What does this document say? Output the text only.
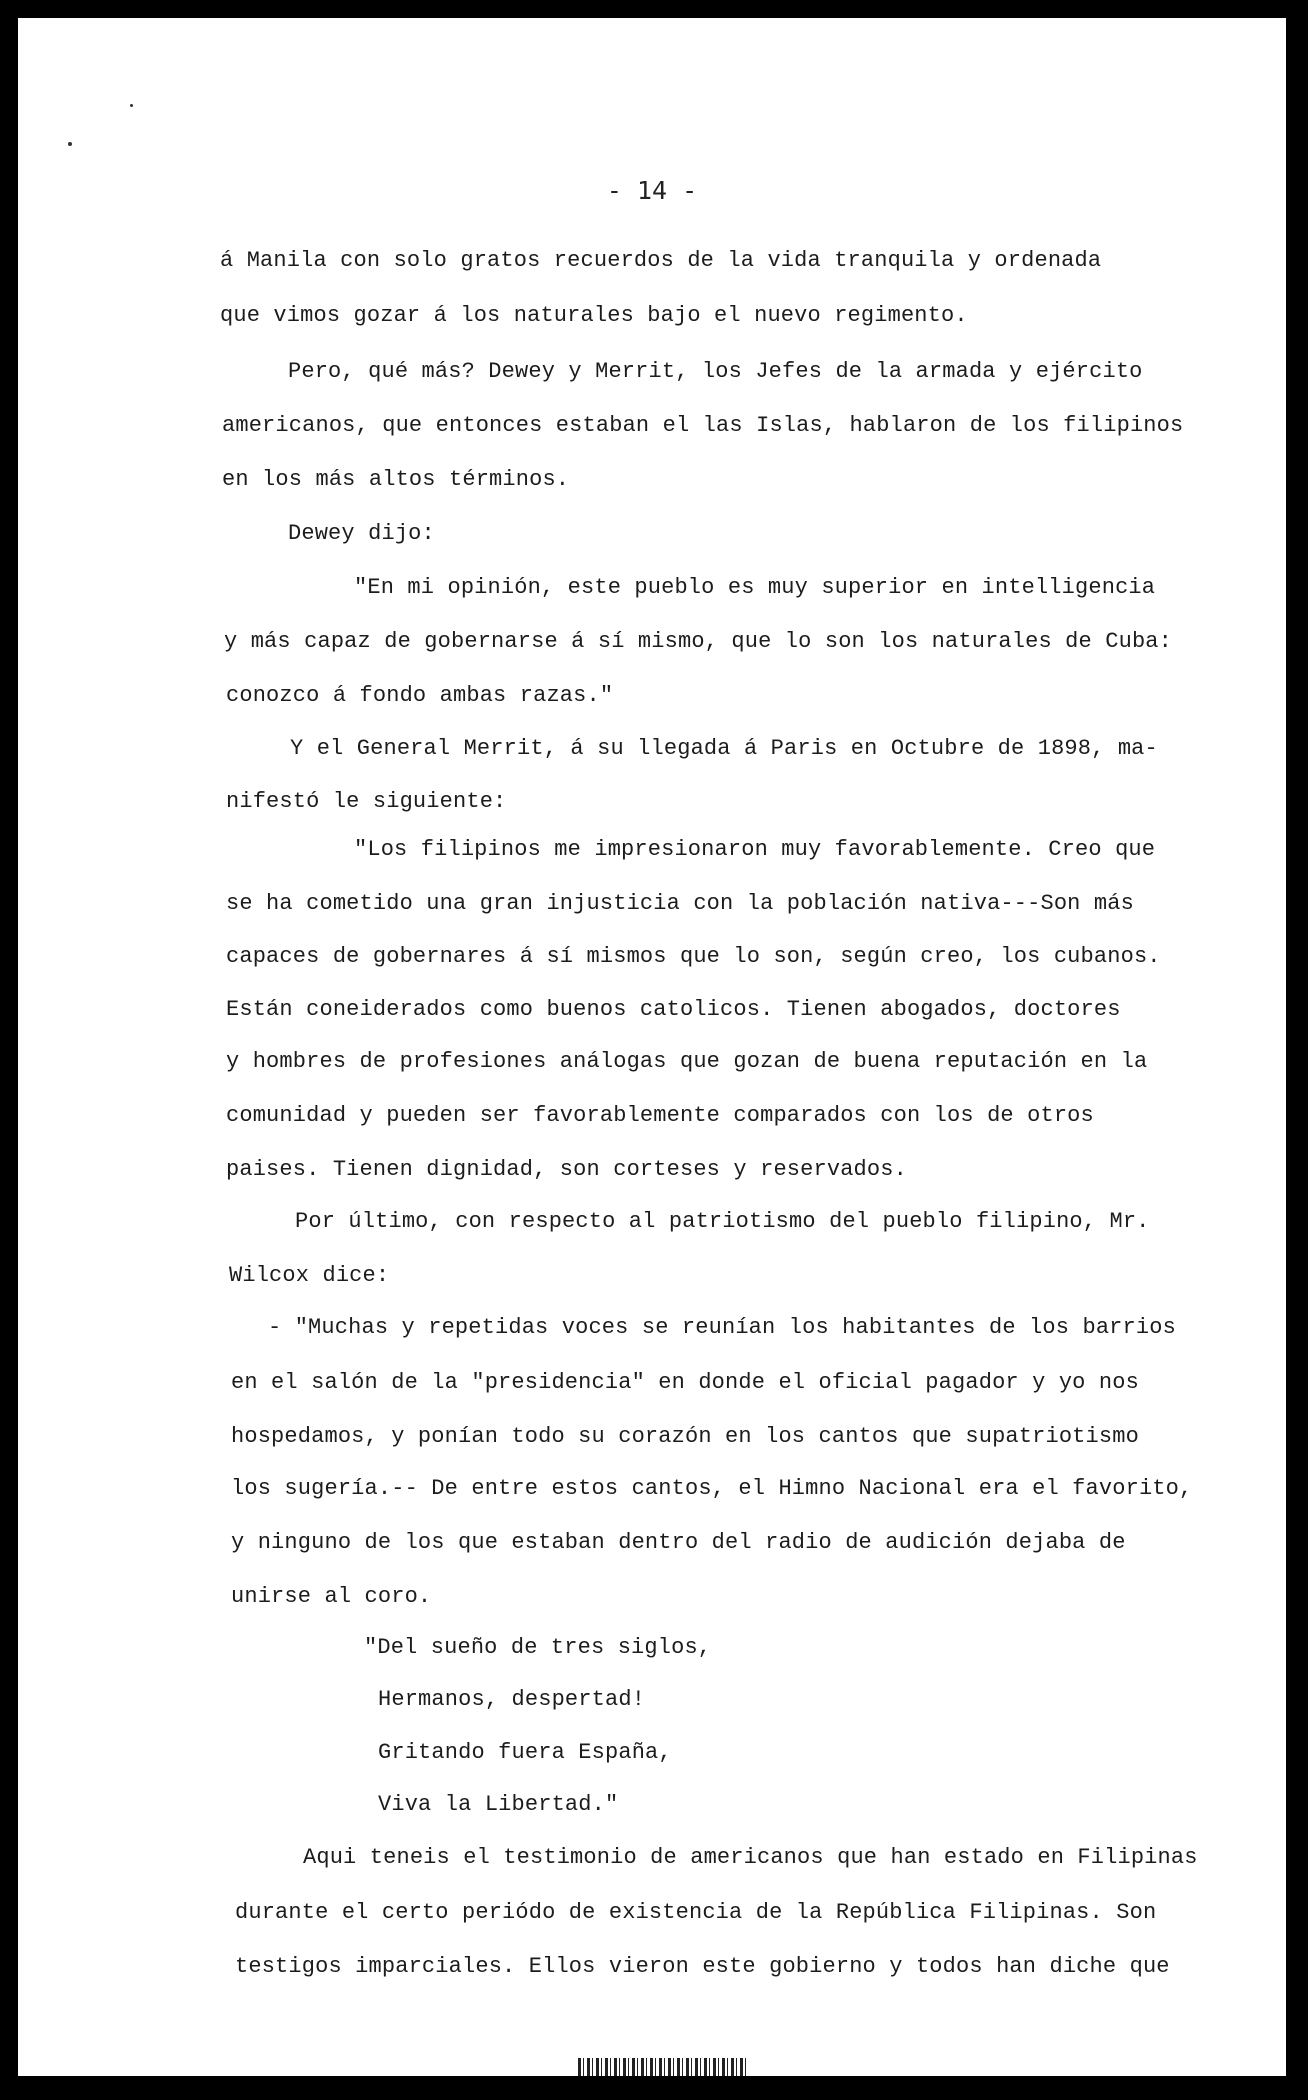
- 14 -
á Manila con solo gratos recuerdos de la vida tranquila y ordenada
que vimos gozar á los naturales bajo el nuevo regimento.
Pero, qué más? Dewey y Merrit, los Jefes de la armada y ejército
americanos, que entonces estaban el las Islas, hablaron de los filipinos
en los más altos términos.
Dewey dijo:
"En mi opinión, este pueblo es muy superior en intelligencia
y más capaz de gobernarse á sí mismo, que lo son los naturales de Cuba:
conozco á fondo ambas razas."
Y el General Merrit, á su llegada á Paris en Octubre de 1898, ma-
nifestó le siguiente:
"Los filipinos me impresionaron muy favorablemente. Creo que
se ha cometido una gran injusticia con la población nativa---Son más
capaces de gobernares á sí mismos que lo son, según creo, los cubanos.
Están coneiderados como buenos catolicos. Tienen abogados, doctores
y hombres de profesiones análogas que gozan de buena reputación en la
comunidad y pueden ser favorablemente comparados con los de otros
paises. Tienen dignidad, son corteses y reservados.
Por último, con respecto al patriotismo del pueblo filipino, Mr.
Wilcox dice:
- "Muchas y repetidas voces se reunían los habitantes de los barrios
en el salón de la "presidencia" en donde el oficial pagador y yo nos
hospedamos, y ponían todo su corazón en los cantos que supatriotismo
los sugería.-- De entre estos cantos, el Himno Nacional era el favorito,
y ninguno de los que estaban dentro del radio de audición dejaba de
unirse al coro.
"Del sueño de tres siglos,
Hermanos, despertad!
Gritando fuera España,
Viva la Libertad."
Aqui teneis el testimonio de americanos que han estado en Filipinas
durante el certo periódo de existencia de la República Filipinas. Son
testigos imparciales. Ellos vieron este gobierno y todos han diche que
